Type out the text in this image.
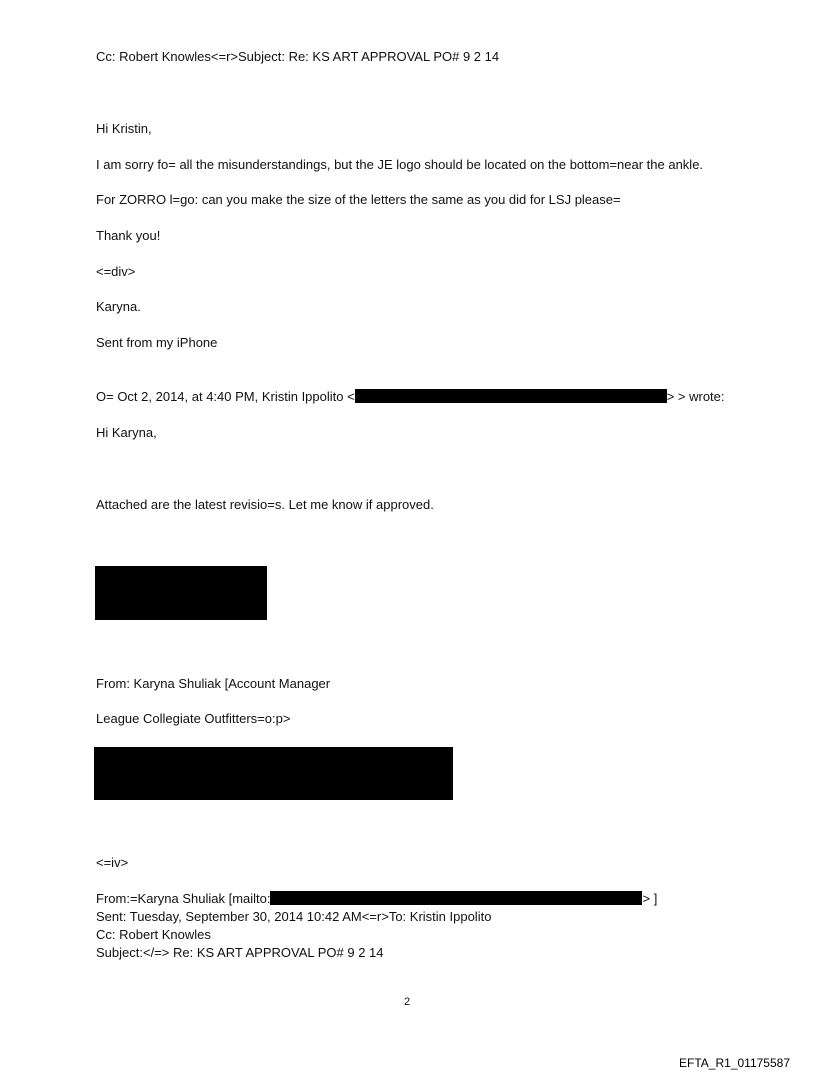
Cc: Robert Knowles<=r>Subject: Re: KS ART APPROVAL PO# 9 2 14
Hi Kristin,
I am sorry fo= all the misunderstandings, but the JE logo should be located on the bottom=near the ankle.
For ZORRO l=go: can you make the size of the letters the same as you did for LSJ please=
Thank you!
<=div>
Karyna.
Sent from my iPhone
O= Oct 2, 2014, at 4:40 PM, Kristin Ippolito <	> > wrote:
Hi Karyna,
Attached are the latest revisio=s. Let me know if approved.
From: Karyna Shuliak [Account Manager
League Collegiate Outfitters=o:p>
<=iv>
From:=Karyna Shuliak [mailto:	> ]
Sent: Tuesday, September 30, 2014 10:42 AM<=r>To: Kristin Ippolito
Cc: Robert Knowles
Subject:</=> Re: KS ART APPROVAL PO# 9 2 14
2
EFTA_R1_01175587
